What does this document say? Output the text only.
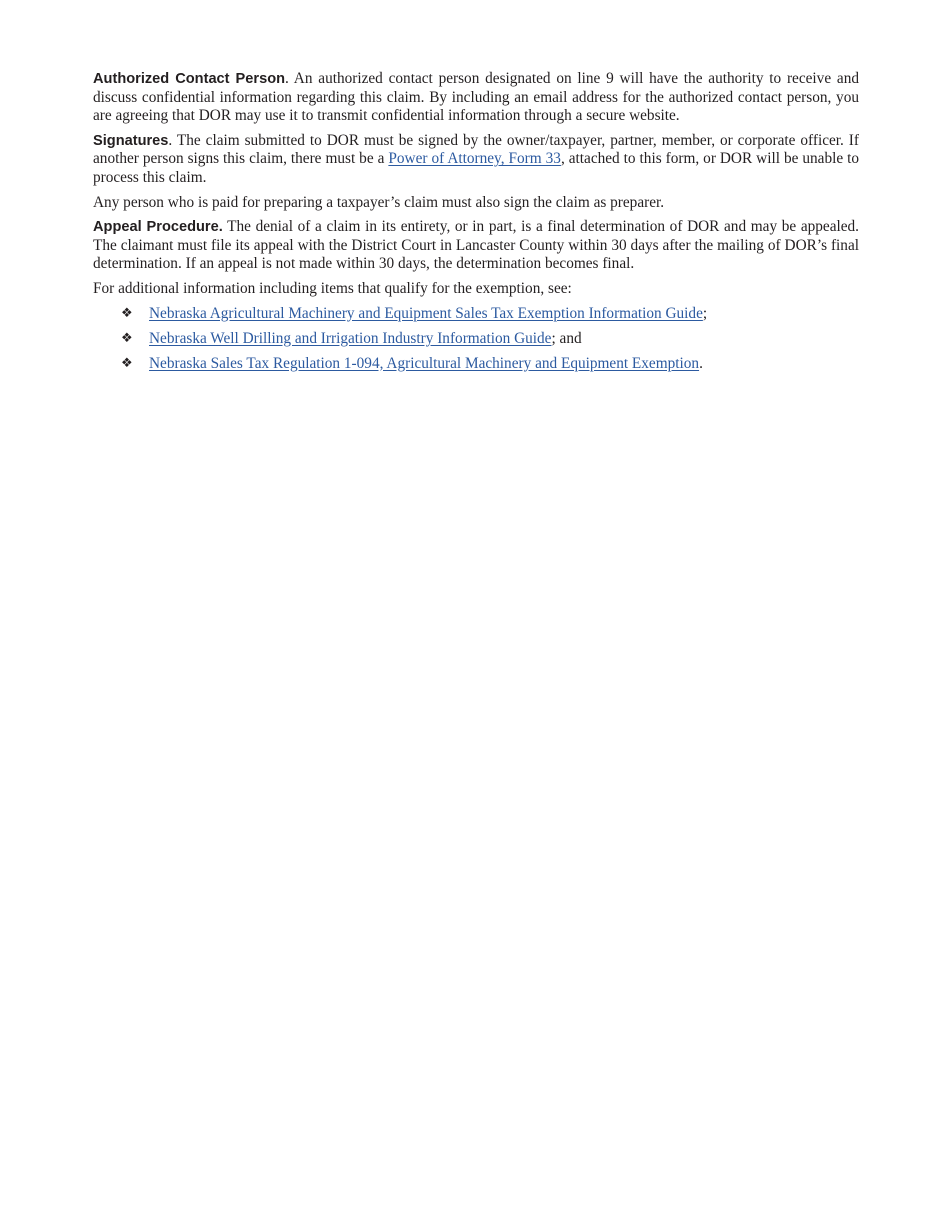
Authorized Contact Person. An authorized contact person designated on line 9 will have the authority to receive and discuss confidential information regarding this claim. By including an email address for the authorized contact person, you are agreeing that DOR may use it to transmit confidential information through a secure website.

Signatures. The claim submitted to DOR must be signed by the owner/taxpayer, partner, member, or corporate officer. If another person signs this claim, there must be a Power of Attorney, Form 33, attached to this form, or DOR will be unable to process this claim.

Any person who is paid for preparing a taxpayer’s claim must also sign the claim as preparer.

Appeal Procedure. The denial of a claim in its entirety, or in part, is a final determination of DOR and may be appealed. The claimant must file its appeal with the District Court in Lancaster County within 30 days after the mailing of DOR’s final determination. If an appeal is not made within 30 days, the determination becomes final.

For additional information including items that qualify for the exemption, see:

❖ Nebraska Agricultural Machinery and Equipment Sales Tax Exemption Information Guide;
❖ Nebraska Well Drilling and Irrigation Industry Information Guide; and
❖ Nebraska Sales Tax Regulation 1-094, Agricultural Machinery and Equipment Exemption.
